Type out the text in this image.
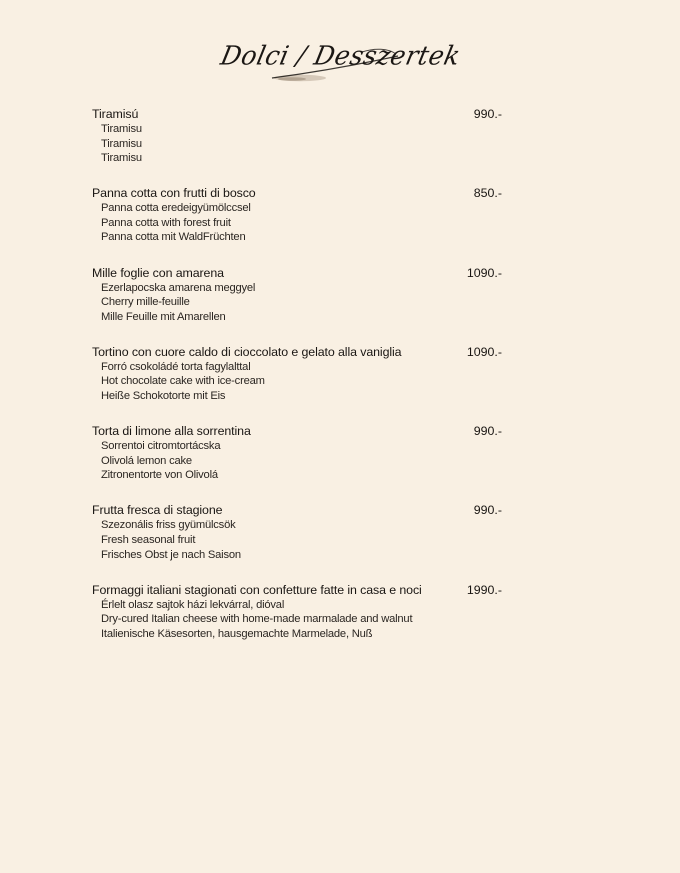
Dolci / Desszertek
Tiramisú	990.-
Tiramisu
Tiramisu
Tiramisu
Panna cotta con frutti di bosco	850.-
Panna cotta eredeigyümölccsel
Panna cotta with forest fruit
Panna cotta mit WaldFrüchten
Mille foglie con amarena	1090.-
Ezerlapocska amarena meggyel
Cherry mille-feuille
Mille Feuille mit Amarellen
Tortino con cuore caldo di cioccolato e gelato alla vaniglia	1090.-
Forró csokoládé torta fagylalttal
Hot chocolate cake with ice-cream
Heiße Schokotorte mit Eis
Torta di limone alla sorrentina	990.-
Sorrentoi citromtortácska
Olivolá lemon cake
Zitronentorte von Olivolá
Frutta fresca di stagione	990.-
Szezonális friss gyümülcsök
Fresh seasonal fruit
Frisches Obst je nach Saison
Formaggi italiani stagionati con confetture fatte in casa e noci	1990.-
Érlelt olasz sajtok házi lekvárral, dióval
Dry-cured Italian cheese with home-made marmalade and walnut
Italienische Käsesorten, hausgemachte Marmelade, Nuß
